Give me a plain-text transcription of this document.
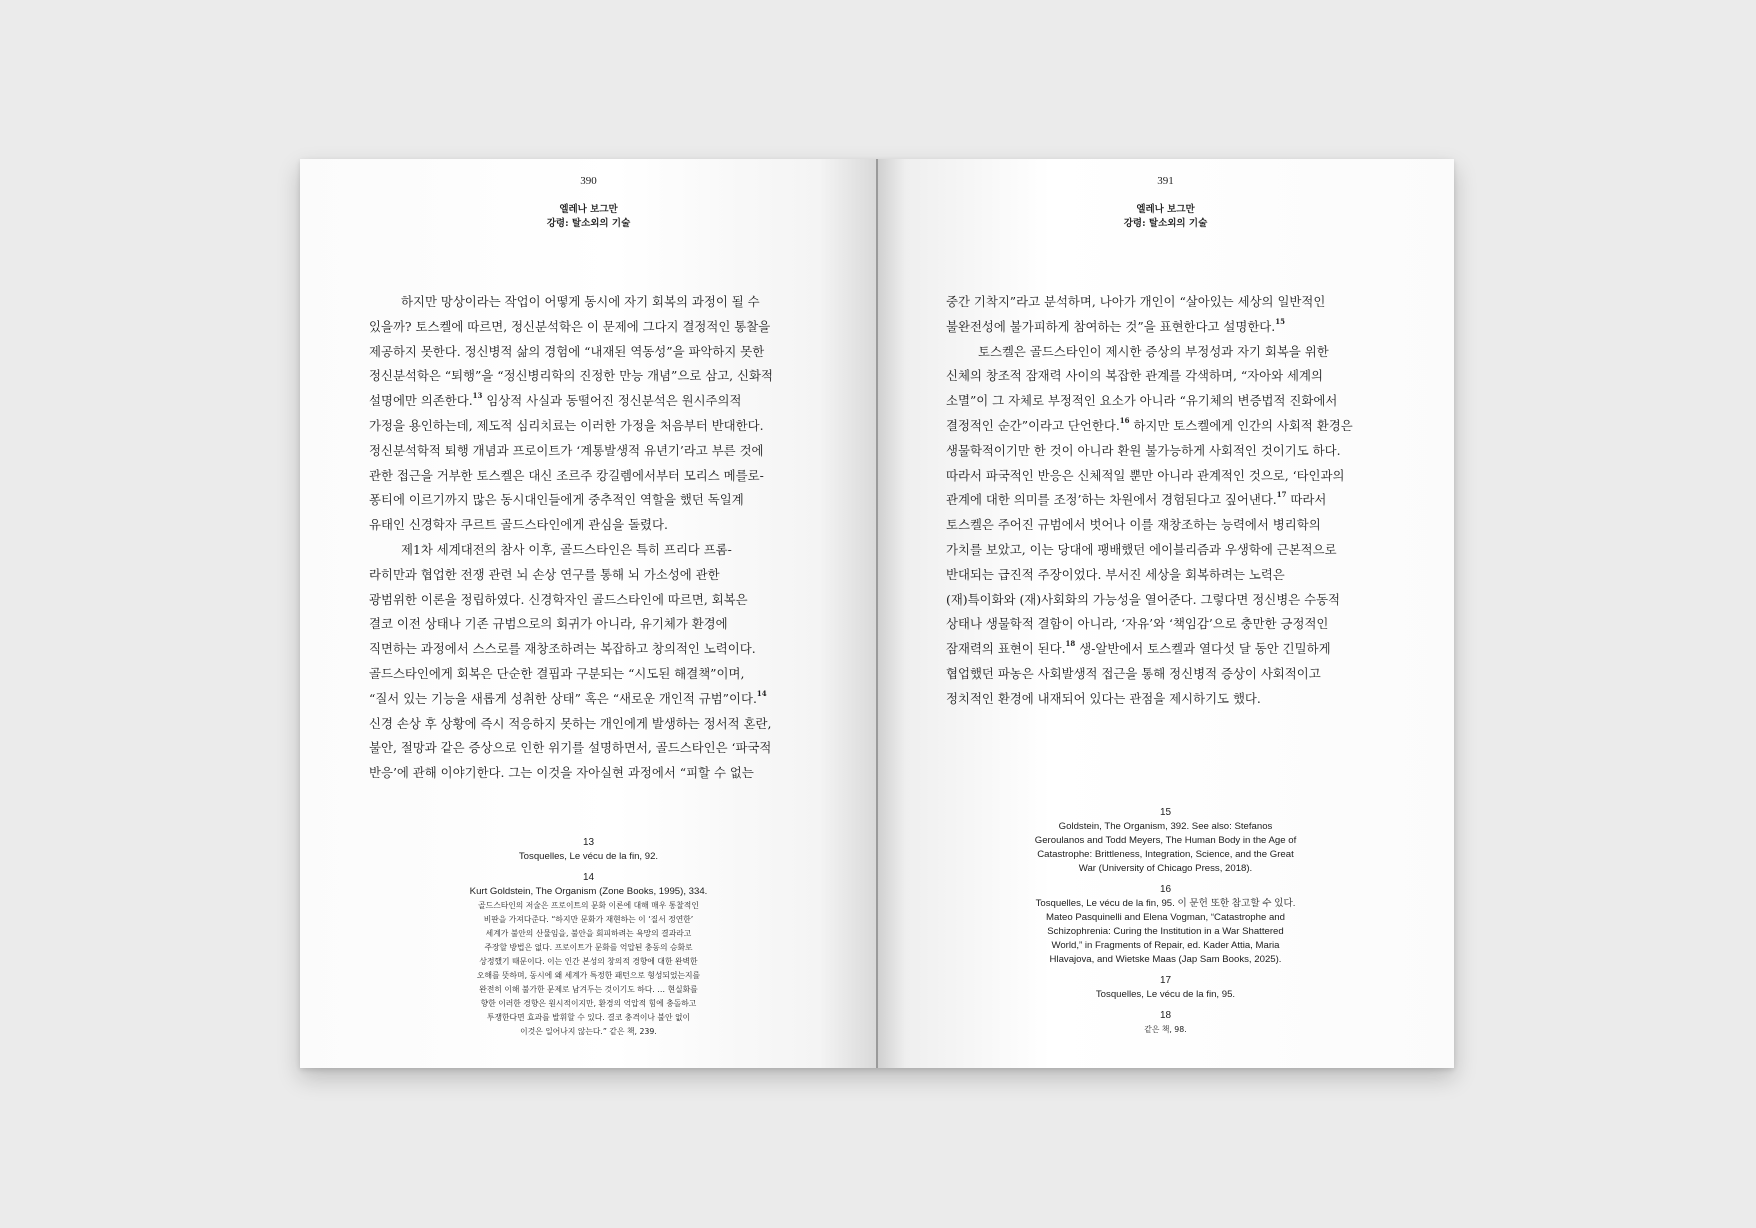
390
엘레나 보그만
강령: 탈소외의 기술
하지만 망상이라는 작업이 어떻게 동시에 자기 회복의 과정이 될 수
있을까? 토스켈에 따르면, 정신분석학은 이 문제에 그다지 결정적인 통찰을
제공하지 못한다. 정신병적 삶의 경험에 “내재된 역동성”을 파악하지 못한
정신분석학은 “퇴행”을 “정신병리학의 진정한 만능 개념”으로 삼고, 신화적
설명에만 의존한다.$^{13}$ 임상적 사실과 동떨어진 정신분석은 원시주의적
가정을 용인하는데, 제도적 심리치료는 이러한 가정을 처음부터 반대한다.
정신분석학적 퇴행 개념과 프로이트가 ‘계통발생적 유년기’라고 부른 것에
관한 접근을 거부한 토스켈은 대신 조르주 캉길렘에서부터 모리스 메를로-
퐁티에 이르기까지 많은 동시대인들에게 중추적인 역할을 했던 독일계
유태인 신경학자 쿠르트 골드스타인에게 관심을 돌렸다.
제1차 세계대전의 참사 이후, 골드스타인은 특히 프리다 프롬-
라히만과 협업한 전쟁 관련 뇌 손상 연구를 통해 뇌 가소성에 관한
광범위한 이론을 정립하였다. 신경학자인 골드스타인에 따르면, 회복은
결코 이전 상태나 기존 규범으로의 회귀가 아니라, 유기체가 환경에
직면하는 과정에서 스스로를 재창조하려는 복잡하고 창의적인 노력이다.
골드스타인에게 회복은 단순한 결핍과 구분되는 “시도된 해결책”이며,
“질서 있는 기능을 새롭게 성취한 상태” 혹은 “새로운 개인적 규범”이다.$^{14}$
신경 손상 후 상황에 즉시 적응하지 못하는 개인에게 발생하는 정서적 혼란,
불안, 절망과 같은 증상으로 인한 위기를 설명하면서, 골드스타인은 ‘파국적
반응’에 관해 이야기한다. 그는 이것을 자아실현 과정에서 “피할 수 없는
13
Tosquelles, Le vécu de la fin, 92.
14
Kurt Goldstein, The Organism (Zone Books, 1995), 334.
골드스타인의 저술은 프로이트의 문화 이론에 대해 매우 통찰적인
비판을 가져다준다. “하지만 문화가 재현하는 이 ‘질서 정연한’
세계가 불안의 산물임을, 불안을 회피하려는 욕망의 결과라고
주장할 방법은 없다. 프로이트가 문화를 억압된 충동의 승화로
상정했기 때문이다. 이는 인간 본성의 창의적 경향에 대한 완벽한
오해를 뜻하며, 동시에 왜 세계가 특정한 패턴으로 형성되었는지를
완전히 이해 불가한 문제로 남겨두는 것이기도 하다. … 현실화를
향한 이러한 경향은 원시적이지만, 환경의 억압적 힘에 충돌하고
투쟁한다면 효과를 발휘할 수 있다. 결코 충격이나 불안 없이
이것은 일어나지 않는다.” 같은 책, 239.
391
엘레나 보그만
강령: 탈소외의 기술
중간 기착지”라고 분석하며, 나아가 개인이 “살아있는 세상의 일반적인
불완전성에 불가피하게 참여하는 것”을 표현한다고 설명한다.$^{15}$
토스켈은 골드스타인이 제시한 증상의 부정성과 자기 회복을 위한
신체의 창조적 잠재력 사이의 복잡한 관계를 각색하며, “자아와 세계의
소멸”이 그 자체로 부정적인 요소가 아니라 “유기체의 변증법적 진화에서
결정적인 순간”이라고 단언한다.$^{16}$ 하지만 토스켈에게 인간의 사회적 환경은
생물학적이기만 한 것이 아니라 환원 불가능하게 사회적인 것이기도 하다.
따라서 파국적인 반응은 신체적일 뿐만 아니라 관계적인 것으로, ‘타인과의
관계에 대한 의미를 조정’하는 차원에서 경험된다고 짚어낸다.$^{17}$ 따라서
토스켈은 주어진 규범에서 벗어나 이를 재창조하는 능력에서 병리학의
가치를 보았고, 이는 당대에 팽배했던 에이블리즘과 우생학에 근본적으로
반대되는 급진적 주장이었다. 부서진 세상을 회복하려는 노력은
(재)특이화와 (재)사회화의 가능성을 열어준다. 그렇다면 정신병은 수동적
상태나 생물학적 결함이 아니라, ‘자유’와 ‘책임감’으로 충만한 긍정적인
잠재력의 표현이 된다.$^{18}$ 생-알반에서 토스켈과 열다섯 달 동안 긴밀하게
협업했던 파농은 사회발생적 접근을 통해 정신병적 증상이 사회적이고
정치적인 환경에 내재되어 있다는 관점을 제시하기도 했다.
15
Goldstein, The Organism, 392. See also: Stefanos
Geroulanos and Todd Meyers, The Human Body in the Age of
Catastrophe: Brittleness, Integration, Science, and the Great
War (University of Chicago Press, 2018).
16
Tosquelles, Le vécu de la fin, 95. 이 문헌 또한 참고할 수 있다.
Mateo Pasquinelli and Elena Vogman, “Catastrophe and
Schizophrenia: Curing the Institution in a War Shattered
World,” in Fragments of Repair, ed. Kader Attia, Maria
Hlavajova, and Wietske Maas (Jap Sam Books, 2025).
17
Tosquelles, Le vécu de la fin, 95.
18
같은 책, 98.
